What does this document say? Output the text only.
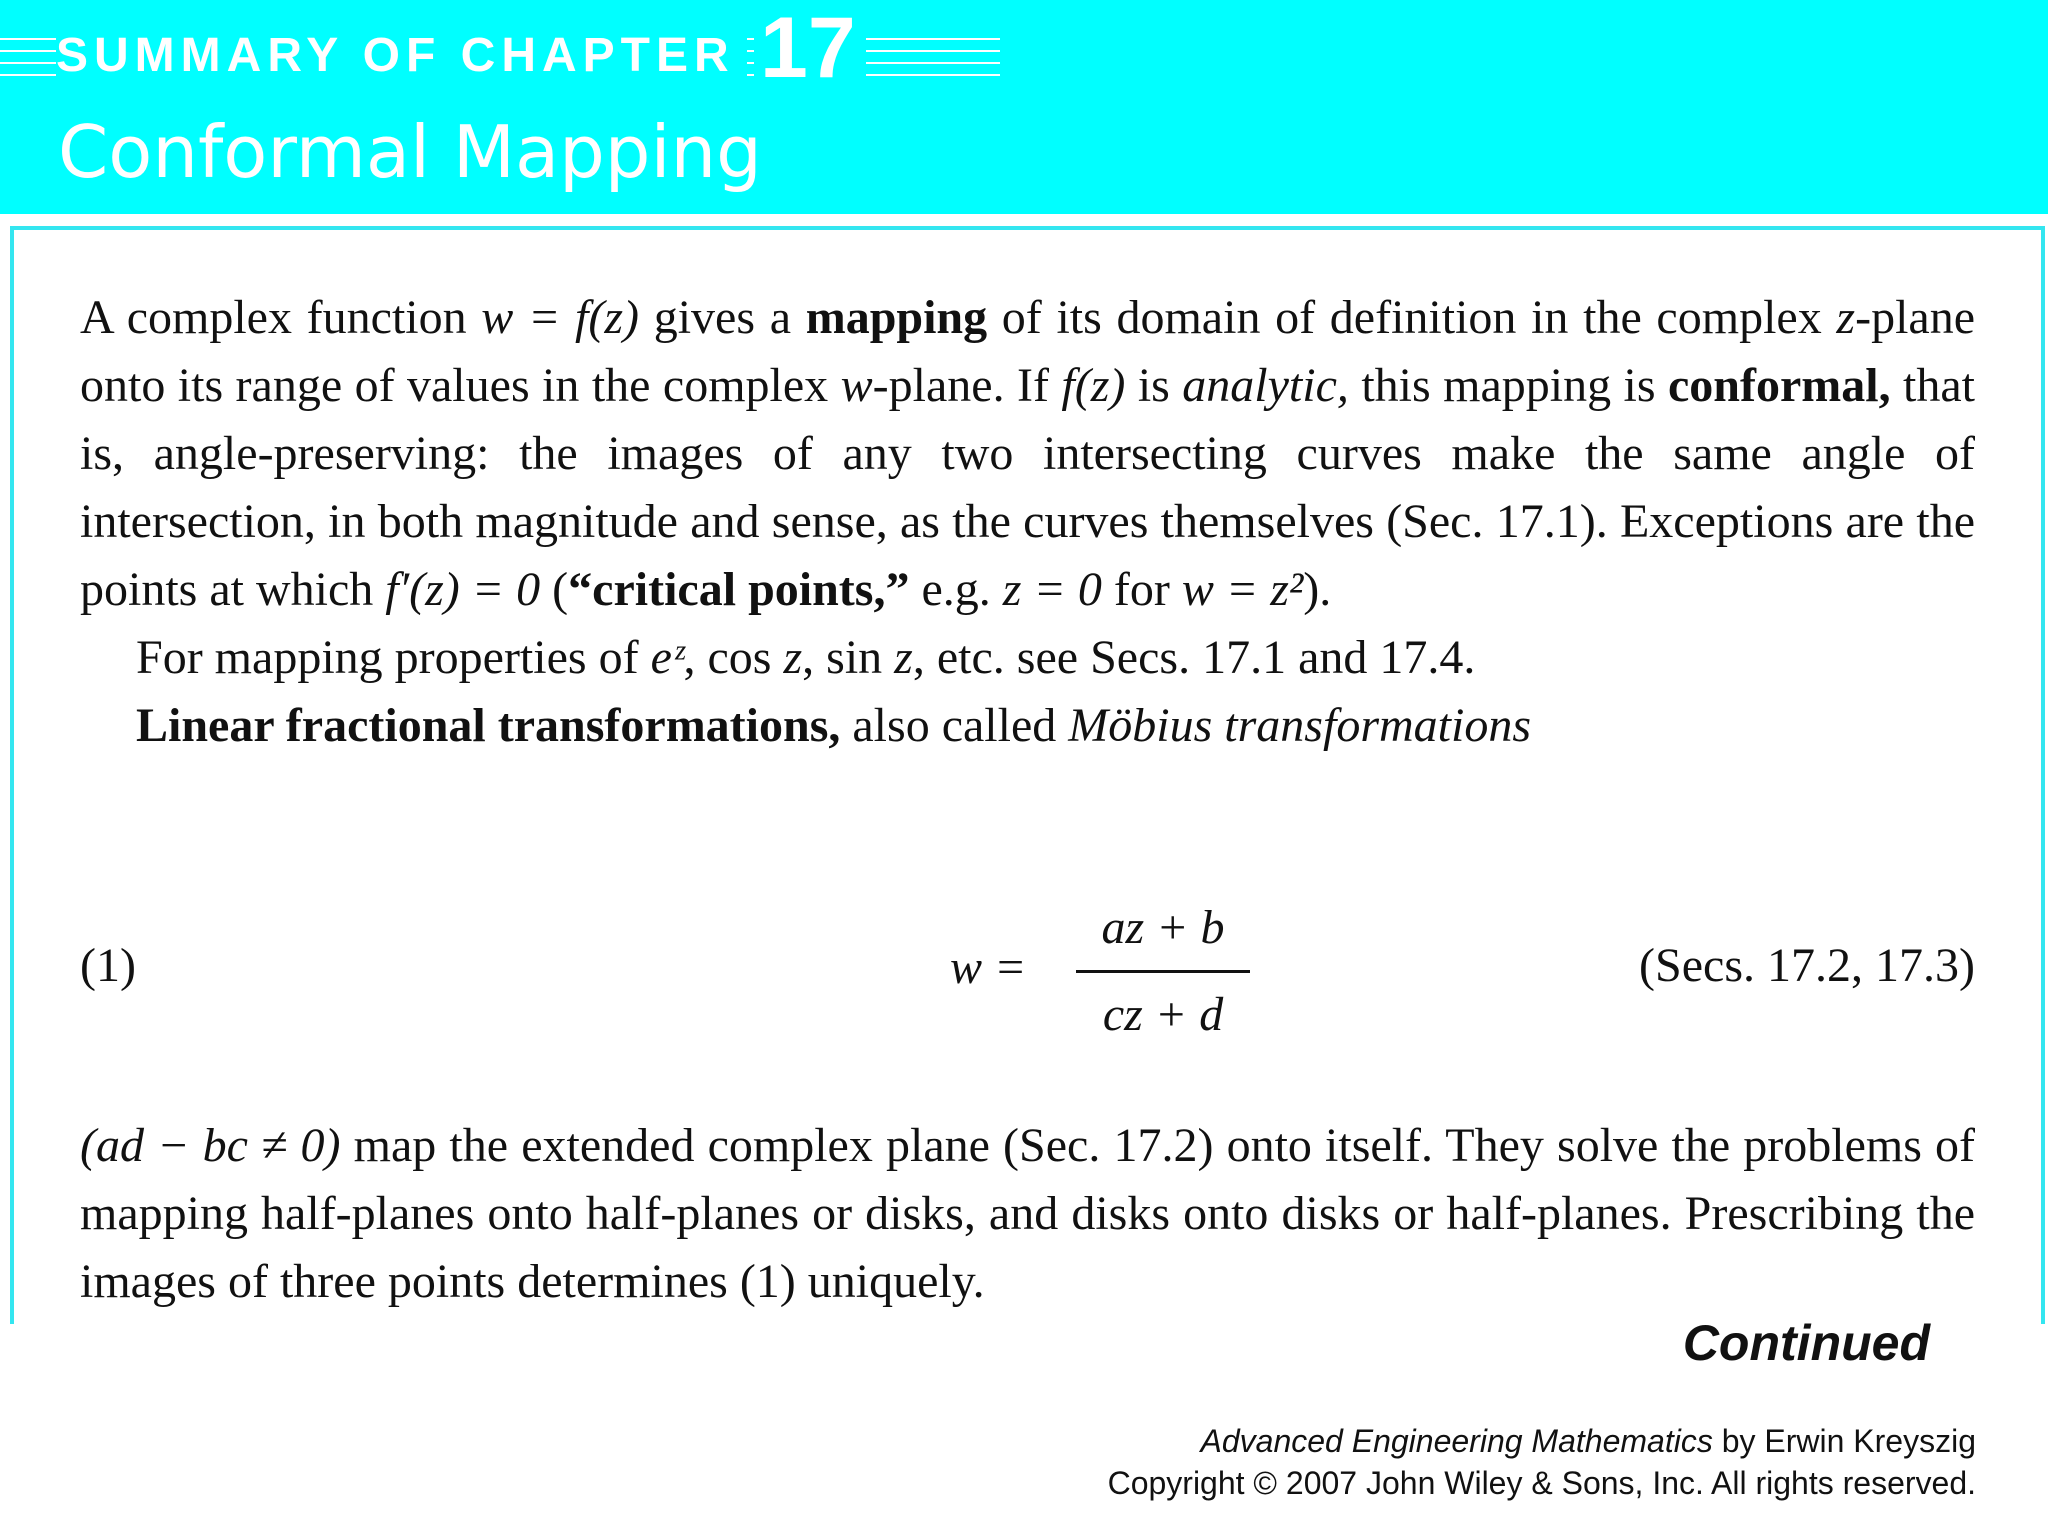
SUMMARY OF CHAPTER 17
Conformal Mapping

A complex function w = f(z) gives a mapping of its domain of definition in the complex z-plane onto its range of values in the complex w-plane. If f(z) is analytic, this mapping is conformal, that is, angle-preserving: the images of any two intersecting curves make the same angle of intersection, in both magnitude and sense, as the curves themselves (Sec. 17.1). Exceptions are the points at which f′(z) = 0 (“critical points,” e.g. z = 0 for w = z²).

For mapping properties of eᶻ, cos z, sin z, etc. see Secs. 17.1 and 17.4.

Linear fractional transformations, also called Möbius transformations

(1)	w =
az + b
cz + d
(Secs. 17.2, 17.3)

(ad − bc ≠ 0) map the extended complex plane (Sec. 17.2) onto itself. They solve the problems of mapping half-planes onto half-planes or disks, and disks onto disks or half-planes. Prescribing the images of three points determines (1) uniquely.

Continued
Advanced Engineering Mathematics by Erwin Kreyszig
Copyright © 2007 John Wiley & Sons, Inc. All rights reserved.
